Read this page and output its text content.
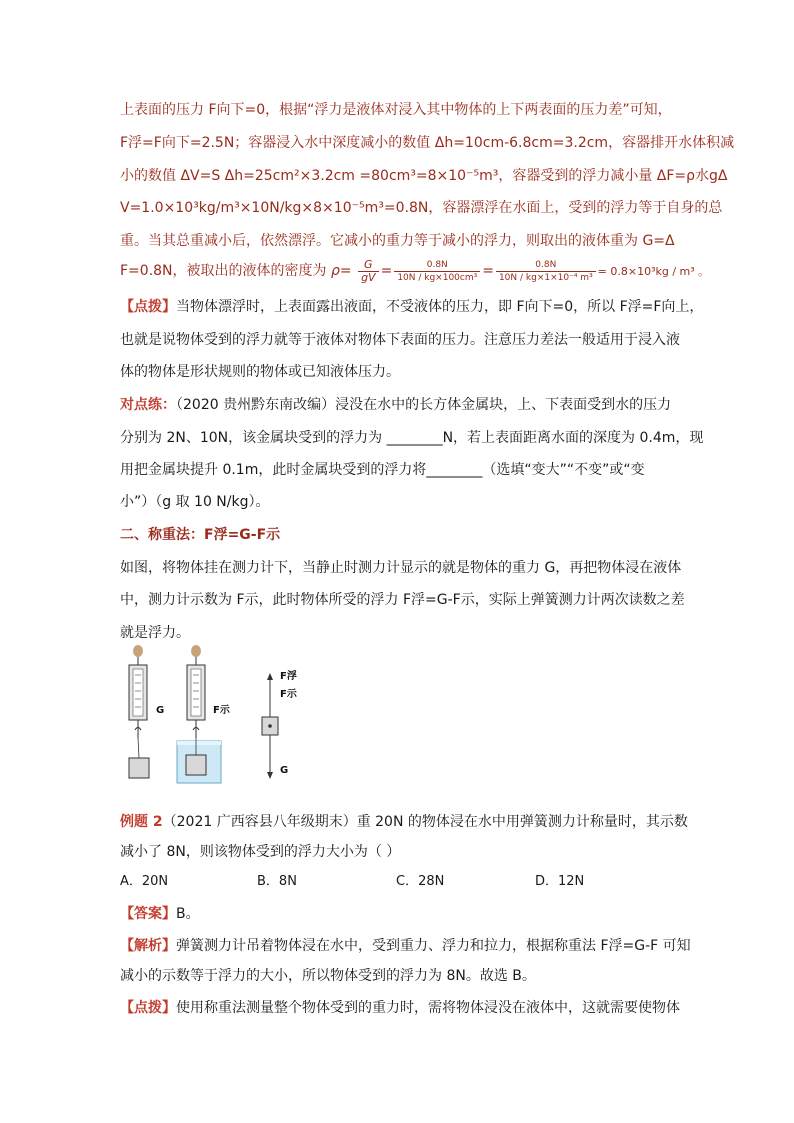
上表面的压力 F向下=0，根据“浮力是液体对浸入其中物体的上下两表面的压力差”可知，
F浮=F向下=2.5N；容器浸入水中深度减小的数值 Δh=10cm-6.8cm=3.2cm，容器排开水体积减
小的数值 ΔV=S Δh=25cm²×3.2cm =80cm³=8×10⁻⁵m³，容器受到的浮力减小量 ΔF=ρ水gΔ
V=1.0×10³kg/m³×10N/kg×8×10⁻⁵m³=0.8N，容器漂浮在水面上，受到的浮力等于自身的总
重。当其总重减小后，依然漂浮。它减小的重力等于减小的浮力，则取出的液体重为 G=Δ
F=0.8N，被取出的液体的密度为 $\rho= \frac{G}{gV} = \frac{0.8N}{\text{10N / kg×100cm³}} = \frac{0.8N}{\text{10N / kg×1×10⁻⁴ m³}} = 0.8\times 10^3kg / m^3$ 。
【点拨】当物体漂浮时，上表面露出液面，不受液体的压力，即 F向下=0，所以 F浮=F向上，
也就是说物体受到的浮力就等于液体对物体下表面的压力。注意压力差法一般适用于浸入液
体的物体是形状规则的物体或已知液体压力。
对点练：（2020 贵州黔东南改编）浸没在水中的长方体金属块，上、下表面受到水的压力
分别为 2N、10N，该金属块受到的浮力为 ________N，若上表面距离水面的深度为 0.4m，现
用把金属块提升 0.1m，此时金属块受到的浮力将________（选填“变大”“不变”或“变
小”）（g 取 10 N/kg）。
二、称重法：F浮=G-F示
如图，将物体挂在测力计下，当静止时测力计显示的就是物体的重力 G，再把物体浸在液体
中，测力计示数为 F示，此时物体所受的浮力 F浮=G-F示，实际上弹簧测力计两次读数之差
就是浮力。
G	F示
F浮
F示
G
例题 2（2021 广西容县八年级期末）重 20N 的物体浸在水中用弹簧测力计称量时，其示数
减小了 8N，则该物体受到的浮力大小为（ ）
A．20N	B．8N	C．28N	D．12N
【答案】B。
【解析】弹簧测力计吊着物体浸在水中，受到重力、浮力和拉力，根据称重法 F浮=G-F 可知
减小的示数等于浮力的大小，所以物体受到的浮力为 8N。故选 B。
【点拨】使用称重法测量整个物体受到的重力时，需将物体浸没在液体中，这就需要使物体
